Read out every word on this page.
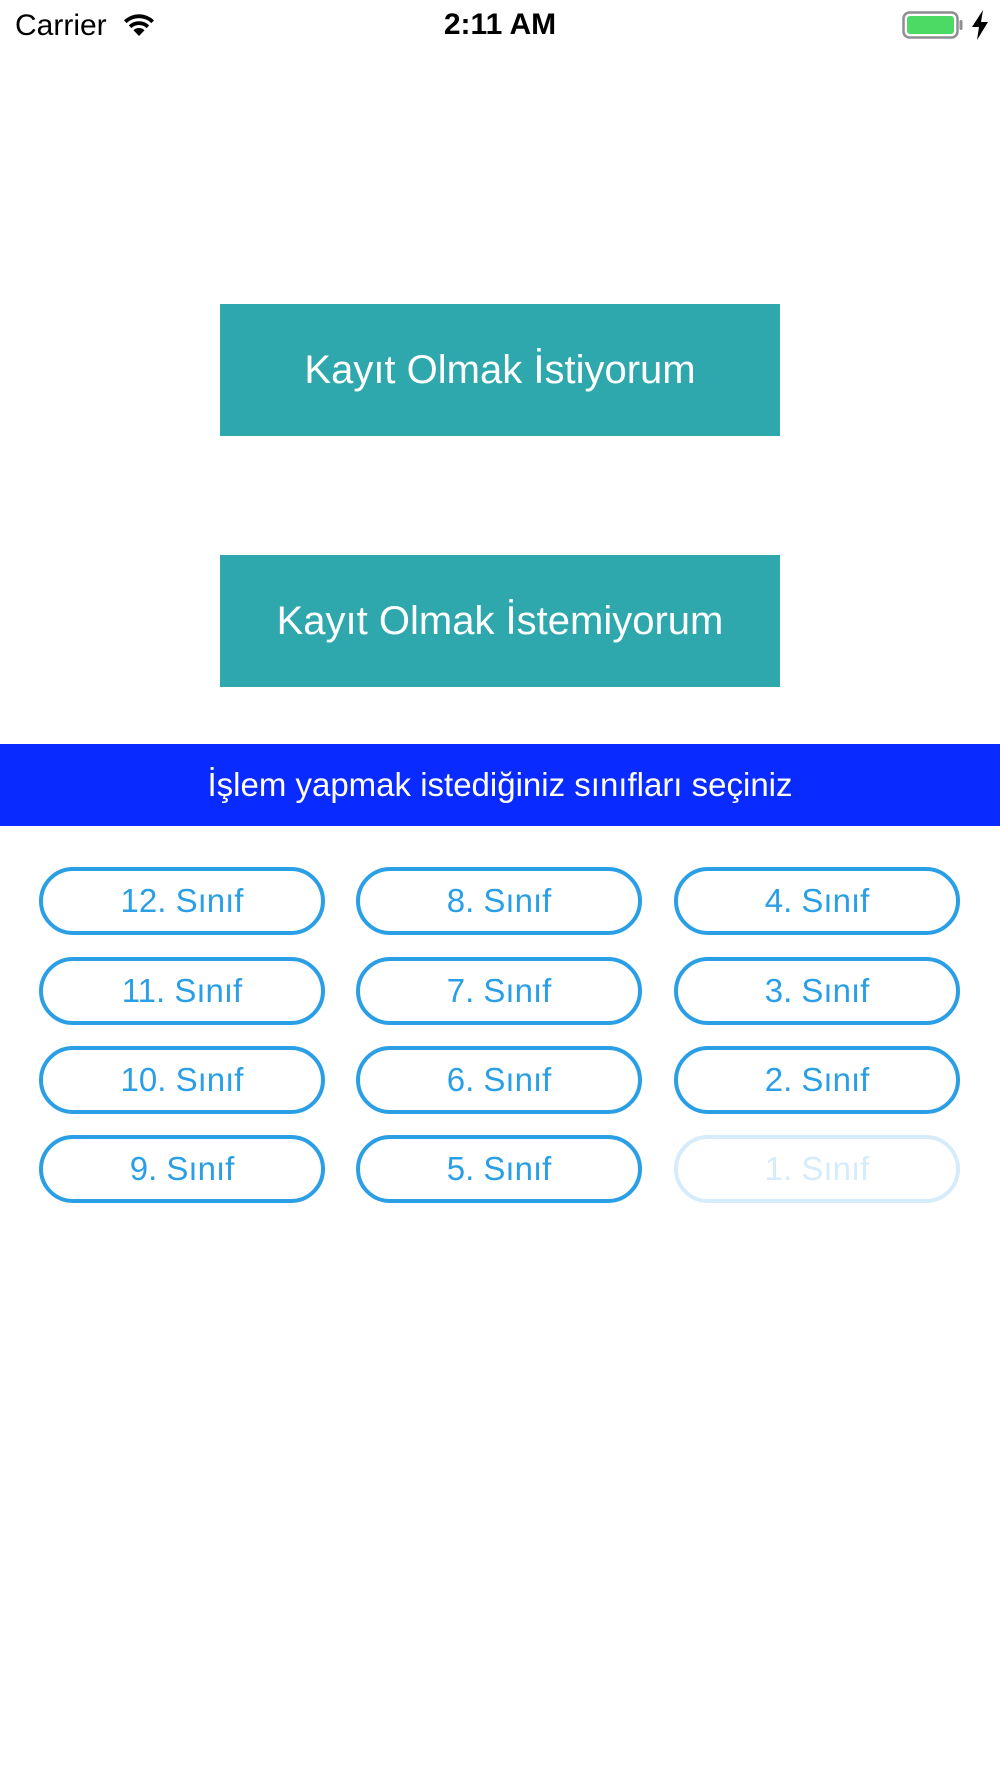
Carrier	2:11 AM
Kayıt Olmak İstiyorum
Kayıt Olmak İstemiyorum
İşlem yapmak istediğiniz sınıfları seçiniz
12. Sınıf	8. Sınıf	4. Sınıf
11. Sınıf	7. Sınıf	3. Sınıf
10. Sınıf	6. Sınıf	2. Sınıf
9. Sınıf	5. Sınıf	1. Sınıf
